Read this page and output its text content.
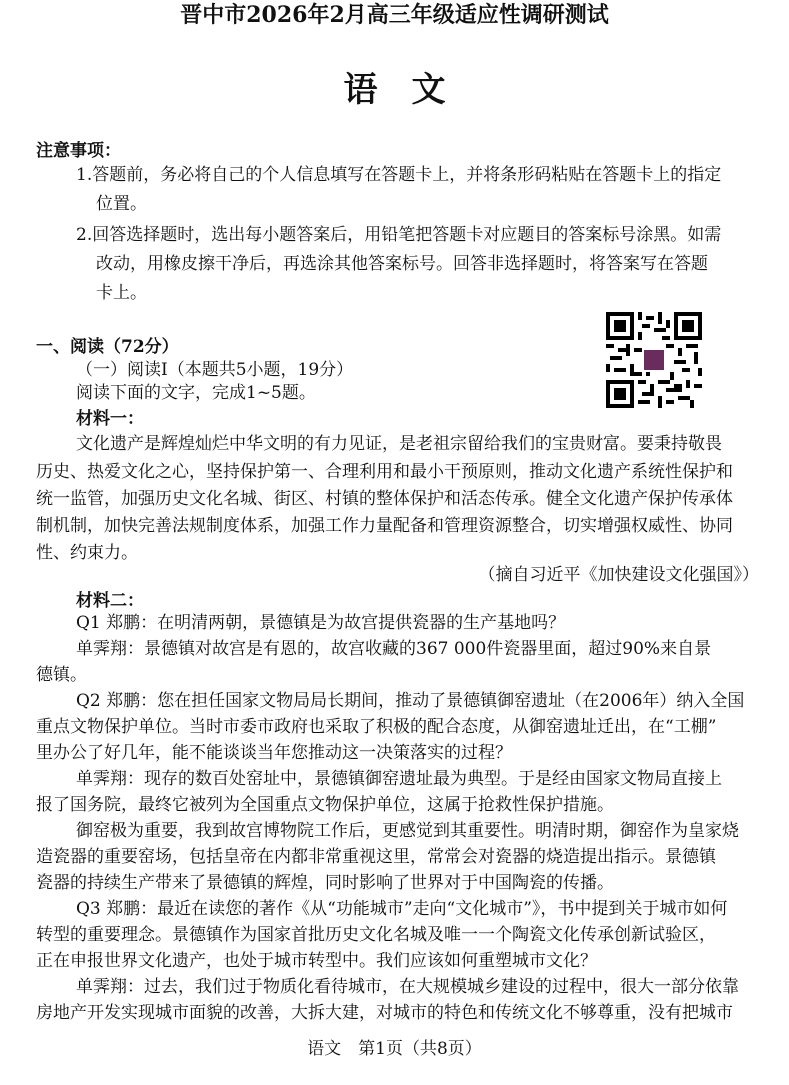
晋中市2026年2月高三年级适应性调研测试
语　文
注意事项：
1.答题前，务必将自己的个人信息填写在答题卡上，并将条形码粘贴在答题卡上的指定
位置。
2.回答选择题时，选出每小题答案后，用铅笔把答题卡对应题目的答案标号涂黑。如需
改动，用橡皮擦干净后，再选涂其他答案标号。回答非选择题时，将答案写在答题
卡上。
一、阅读（72分）
（一）阅读Ⅰ（本题共5小题，19分）
阅读下面的文字，完成1~5题。
材料一：
文化遗产是辉煌灿烂中华文明的有力见证，是老祖宗留给我们的宝贵财富。要秉持敬畏
历史、热爱文化之心，坚持保护第一、合理利用和最小干预原则，推动文化遗产系统性保护和
统一监管，加强历史文化名城、街区、村镇的整体保护和活态传承。健全文化遗产保护传承体
制机制，加快完善法规制度体系，加强工作力量配备和管理资源整合，切实增强权威性、协同
性、约束力。
（摘自习近平《加快建设文化强国》）
材料二：
Q1 郑鹏：在明清两朝，景德镇是为故宫提供瓷器的生产基地吗？
单霁翔：景德镇对故宫是有恩的，故宫收藏的367 000件瓷器里面，超过90%来自景
德镇。
Q2 郑鹏：您在担任国家文物局局长期间，推动了景德镇御窑遗址（在2006年）纳入全国
重点文物保护单位。当时市委市政府也采取了积极的配合态度，从御窑遗址迁出，在“工棚”
里办公了好几年，能不能谈谈当年您推动这一决策落实的过程？
单霁翔：现存的数百处窑址中，景德镇御窑遗址最为典型。于是经由国家文物局直接上
报了国务院，最终它被列为全国重点文物保护单位，这属于抢救性保护措施。
御窑极为重要，我到故宫博物院工作后，更感觉到其重要性。明清时期，御窑作为皇家烧
造瓷器的重要窑场，包括皇帝在内都非常重视这里，常常会对瓷器的烧造提出指示。景德镇
瓷器的持续生产带来了景德镇的辉煌，同时影响了世界对于中国陶瓷的传播。
Q3 郑鹏：最近在读您的著作《从“功能城市”走向“文化城市”》，书中提到关于城市如何
转型的重要理念。景德镇作为国家首批历史文化名城及唯一一个陶瓷文化传承创新试验区，
正在申报世界文化遗产，也处于城市转型中。我们应该如何重塑城市文化？
单霁翔：过去，我们过于物质化看待城市，在大规模城乡建设的过程中，很大一部分依靠
房地产开发实现城市面貌的改善，大拆大建，对城市的特色和传统文化不够尊重，没有把城市
语文　第1页（共8页）
